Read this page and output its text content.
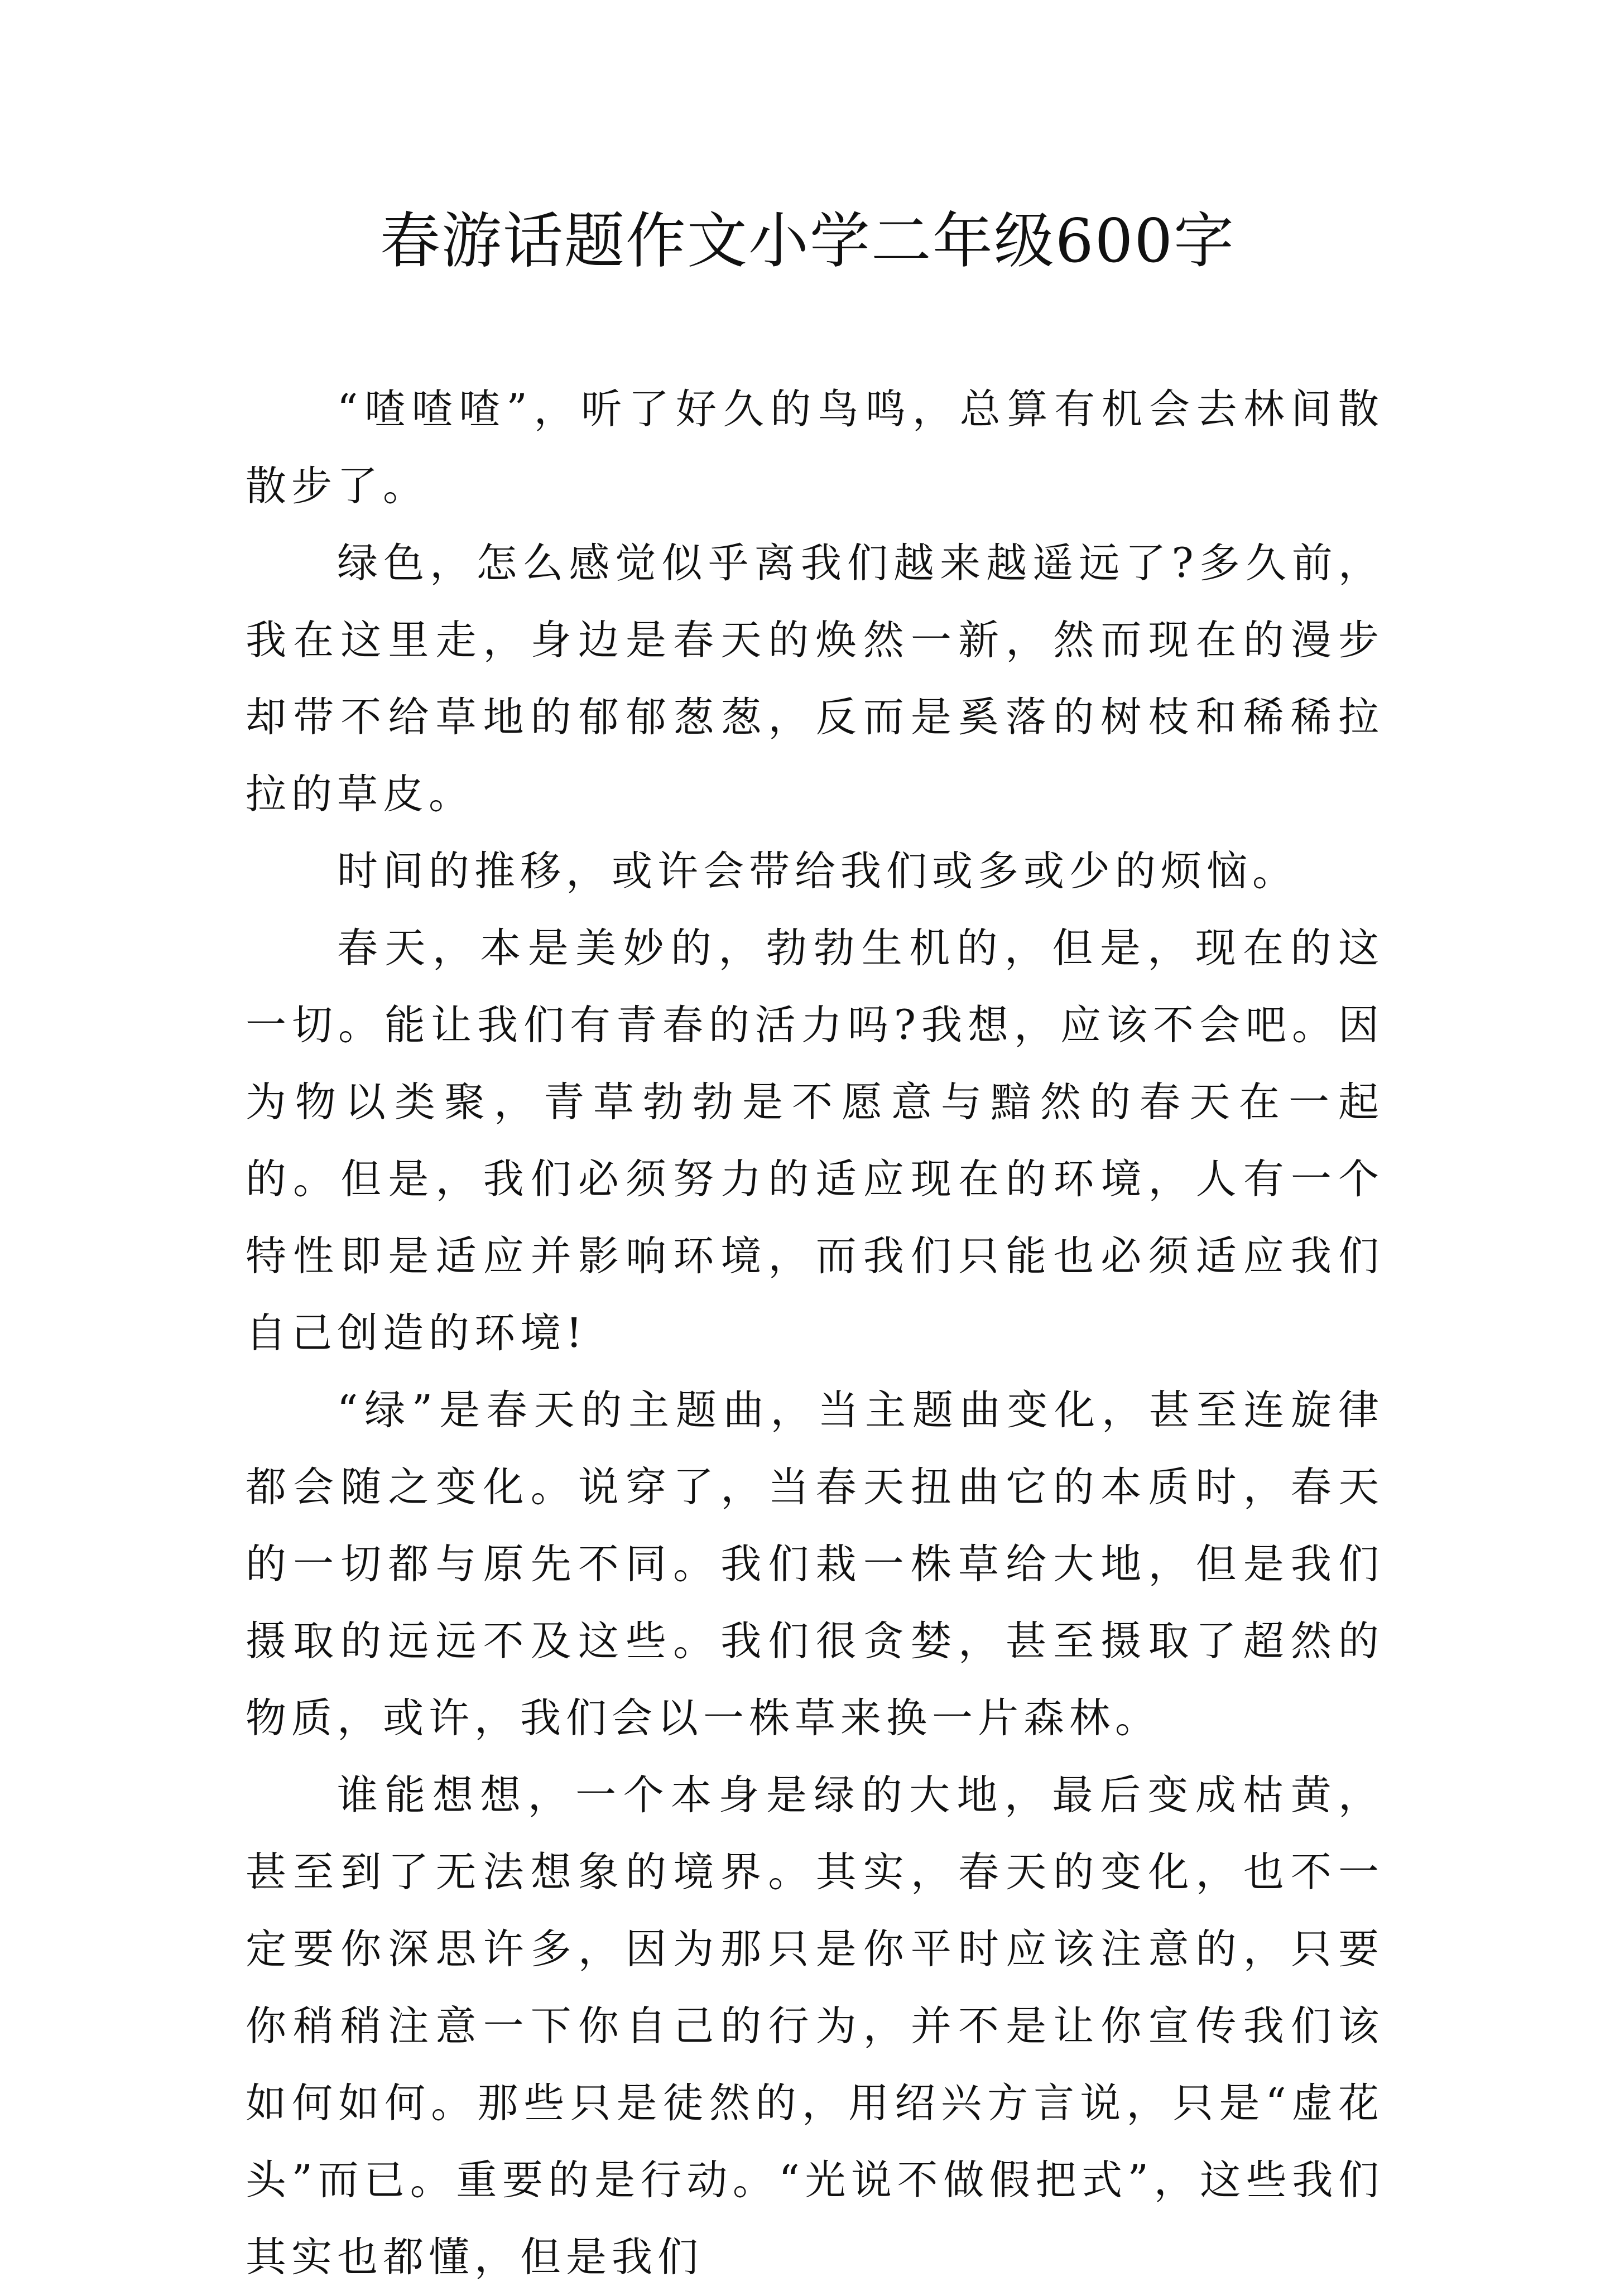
春游话题作文小学二年级600字

“喳喳喳”，听了好久的鸟鸣，总算有机会去林间散散步了。

绿色，怎么感觉似乎离我们越来越遥远了?多久前，我在这里走，身边是春天的焕然一新，然而现在的漫步却带不给草地的郁郁葱葱，反而是奚落的树枝和稀稀拉拉的草皮。

时间的推移，或许会带给我们或多或少的烦恼。

春天，本是美妙的，勃勃生机的，但是，现在的这一切。能让我们有青春的活力吗?我想，应该不会吧。因为物以类聚，青草勃勃是不愿意与黯然的春天在一起的。但是，我们必须努力的适应现在的环境，人有一个特性即是适应并影响环境，而我们只能也必须适应我们自己创造的环境!

“绿”是春天的主题曲，当主题曲变化，甚至连旋律都会随之变化。说穿了，当春天扭曲它的本质时，春天的一切都与原先不同。我们栽一株草给大地，但是我们摄取的远远不及这些。我们很贪婪，甚至摄取了超然的物质，或许，我们会以一株草来换一片森林。

谁能想想，一个本身是绿的大地，最后变成枯黄，甚至到了无法想象的境界。其实，春天的变化，也不一定要你深思许多，因为那只是你平时应该注意的，只要你稍稍注意一下你自己的行为，并不是让你宣传我们该如何如何。那些只是徒然的，用绍兴方言说，只是“虚花头”而已。重要的是行动。“光说不做假把式”，这些我们其实也都懂，但是我们
